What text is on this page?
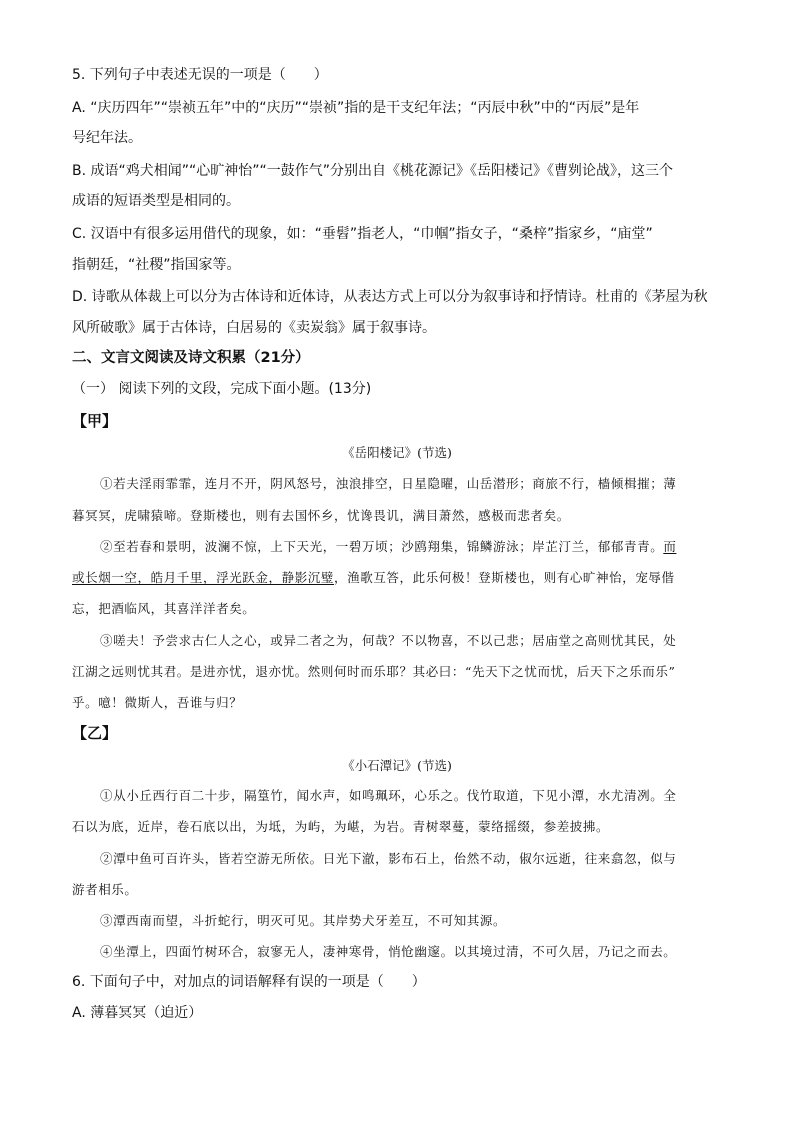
5. 下列句子中表述无误的一项是（　　）
A. “庆历四年”“崇祯五年”中的“庆历”“崇祯”指的是干支纪年法；“丙辰中秋”中的“丙辰”是年
号纪年法。
B. 成语“鸡犬相闻”“心旷神怡”“一鼓作气”分别出自《桃花源记》《岳阳楼记》《曹刿论战》，这三个
成语的短语类型是相同的。
C. 汉语中有很多运用借代的现象，如：“垂髫”指老人，“巾帼”指女子，“桑梓”指家乡，“庙堂”
指朝廷，“社稷”指国家等。
D. 诗歌从体裁上可以分为古体诗和近体诗，从表达方式上可以分为叙事诗和抒情诗。杜甫的《茅屋为秋
风所破歌》属于古体诗，白居易的《卖炭翁》属于叙事诗。
二、文言文阅读及诗文积累（21分）
（一） 阅读下列的文段，完成下面小题。(13分)
【甲】
《岳阳楼记》(节选)
①若夫淫雨霏霏，连月不开，阴风怒号，浊浪排空，日星隐曜，山岳潜形；商旅不行，樯倾楫摧；薄
暮冥冥，虎啸猿啼。登斯楼也，则有去国怀乡，忧谗畏讥，满目萧然，感极而悲者矣。
②至若春和景明，波澜不惊，上下天光，一碧万顷；沙鸥翔集，锦鳞游泳；岸芷汀兰，郁郁青青。而
或长烟一空，皓月千里，浮光跃金，静影沉璧，渔歌互答，此乐何极！登斯楼也，则有心旷神怡，宠辱偕
忘，把酒临风，其喜洋洋者矣。
③嗟夫！予尝求古仁人之心，或异二者之为，何哉？不以物喜，不以己悲；居庙堂之高则忧其民，处
江湖之远则忧其君。是进亦忧，退亦忧。然则何时而乐耶？其必曰：“先天下之忧而忧，后天下之乐而乐”
乎。噫！微斯人，吾谁与归？
【乙】
《小石潭记》(节选)
①从小丘西行百二十步，隔篁竹，闻水声，如鸣珮环，心乐之。伐竹取道，下见小潭，水尤清冽。全
石以为底，近岸，卷石底以出，为坻，为屿，为嵁，为岩。青树翠蔓，蒙络摇缀，参差披拂。
②潭中鱼可百许头，皆若空游无所依。日光下澈，影布石上，佁然不动，俶尔远逝，往来翕忽，似与
游者相乐。
③潭西南而望，斗折蛇行，明灭可见。其岸势犬牙差互，不可知其源。
④坐潭上，四面竹树环合，寂寥无人，凄神寒骨，悄怆幽邃。以其境过清，不可久居，乃记之而去。
6. 下面句子中，对加点的词语解释有误的一项是（　　）
A. 薄暮冥冥（迫近）
